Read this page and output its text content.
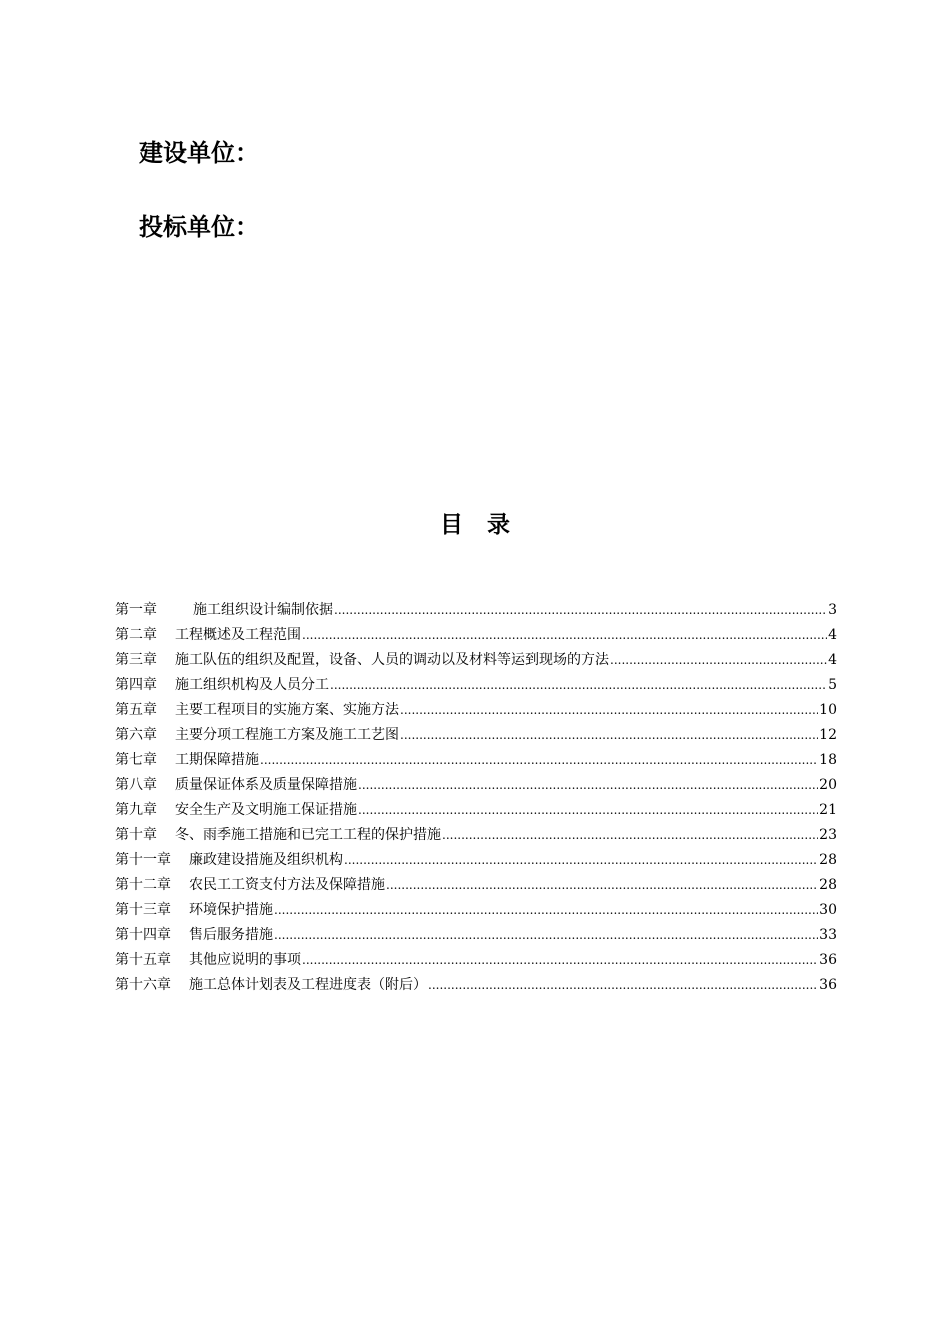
建设单位：
投标单位：
目录
第一章	施工组织设计编制依据 .....	3
第二章 工程概述及工程范围 .....	4
第三章 施工队伍的组织及配置，设备、人员的调动以及材料等运到现场的方法 .....	4
第四章 施工组织机构及人员分工 .....	5
第五章 主要工程项目的实施方案、实施方法 .....	10
第六章 主要分项工程施工方案及施工工艺图 .....	12
第七章 工期保障措施 .....	18
第八章 质量保证体系及质量保障措施 .....	20
第九章 安全生产及文明施工保证措施 .....	21
第十章 冬、雨季施工措施和已完工工程的保护措施 .....	23
第十一章 廉政建设措施及组织机构 .....	28
第十二章 农民工工资支付方法及保障措施 .....	28
第十三章 环境保护措施 .....	30
第十四章 售后服务措施 .....	33
第十五章 其他应说明的事项 .....	36
第十六章 施工总体计划表及工程进度表（附后） .....	36
